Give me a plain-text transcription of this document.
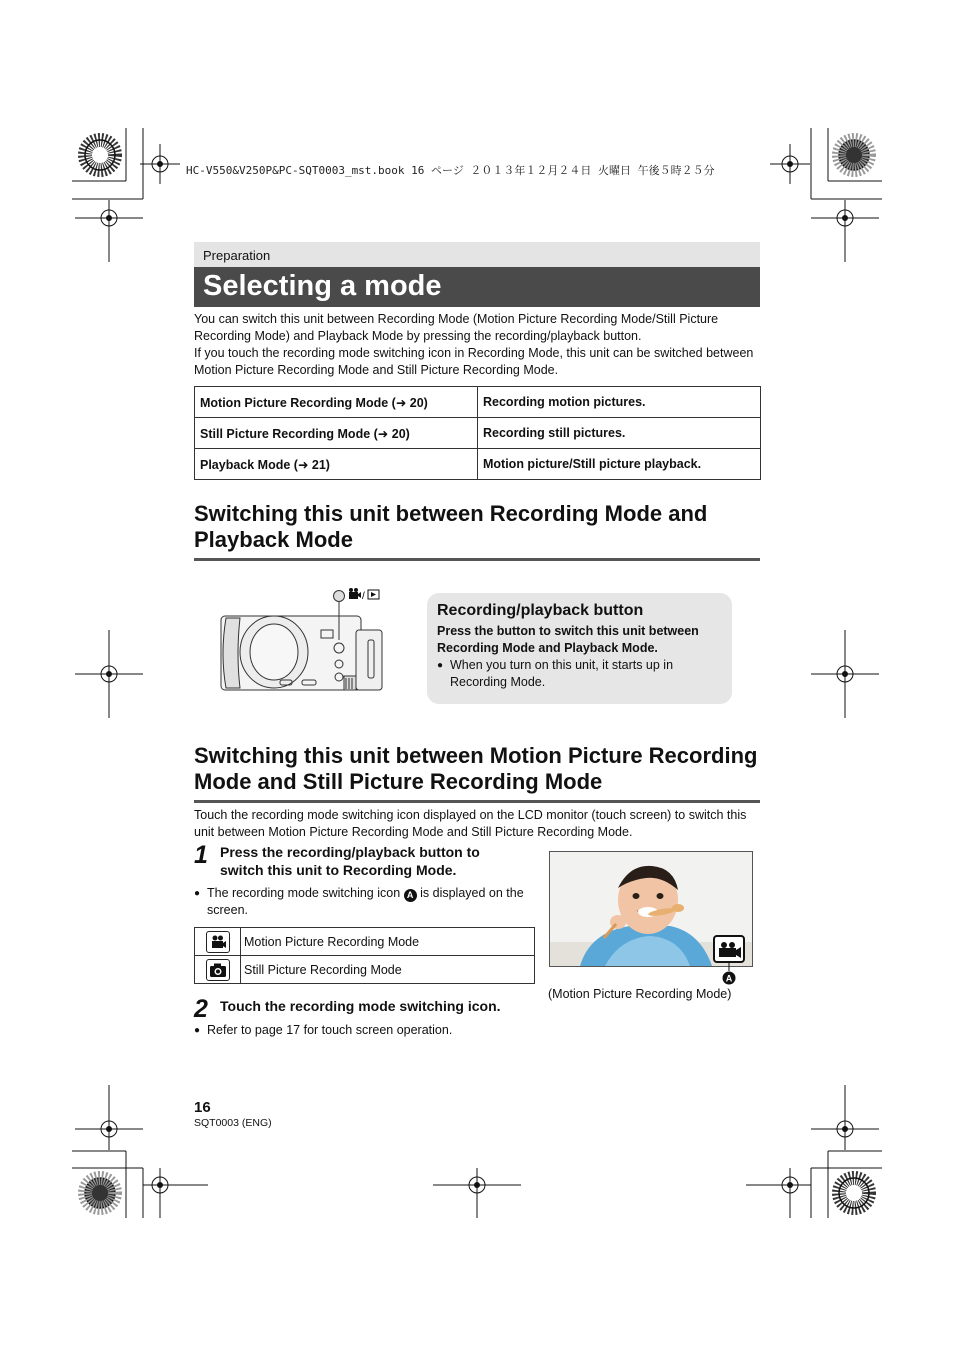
HC-V550&V250P&PC-SQT0003_mst.book 16 ページ ２０１３年１２月２４日 火曜日 午後５時２５分
Preparation
Selecting a mode
You can switch this unit between Recording Mode (Motion Picture Recording Mode/Still Picture Recording Mode) and Playback Mode by pressing the recording/playback button.
If you touch the recording mode switching icon in Recording Mode, this unit can be switched between Motion Picture Recording Mode and Still Picture Recording Mode.
Motion Picture Recording Mode (➜ 20)	Recording motion pictures.
Still Picture Recording Mode (➜ 20)	Recording still pictures.
Playback Mode (➜ 21)	Motion picture/Still picture playback.
Switching this unit between Recording Mode and Playback Mode
/
Recording/playback button
Press the button to switch this unit between Recording Mode and Playback Mode.
● When you turn on this unit, it starts up in Recording Mode.
Switching this unit between Motion Picture Recording Mode and Still Picture Recording Mode
Touch the recording mode switching icon displayed on the LCD monitor (touch screen) to switch this unit between Motion Picture Recording Mode and Still Picture Recording Mode.
1 Press the recording/playback button to switch this unit to Recording Mode.
● The recording mode switching icon A is displayed on the screen.
	Motion Picture Recording Mode
	Still Picture Recording Mode
2 Touch the recording mode switching icon.
● Refer to page 17 for touch screen operation.
A
(Motion Picture Recording Mode)
16
SQT0003 (ENG)
